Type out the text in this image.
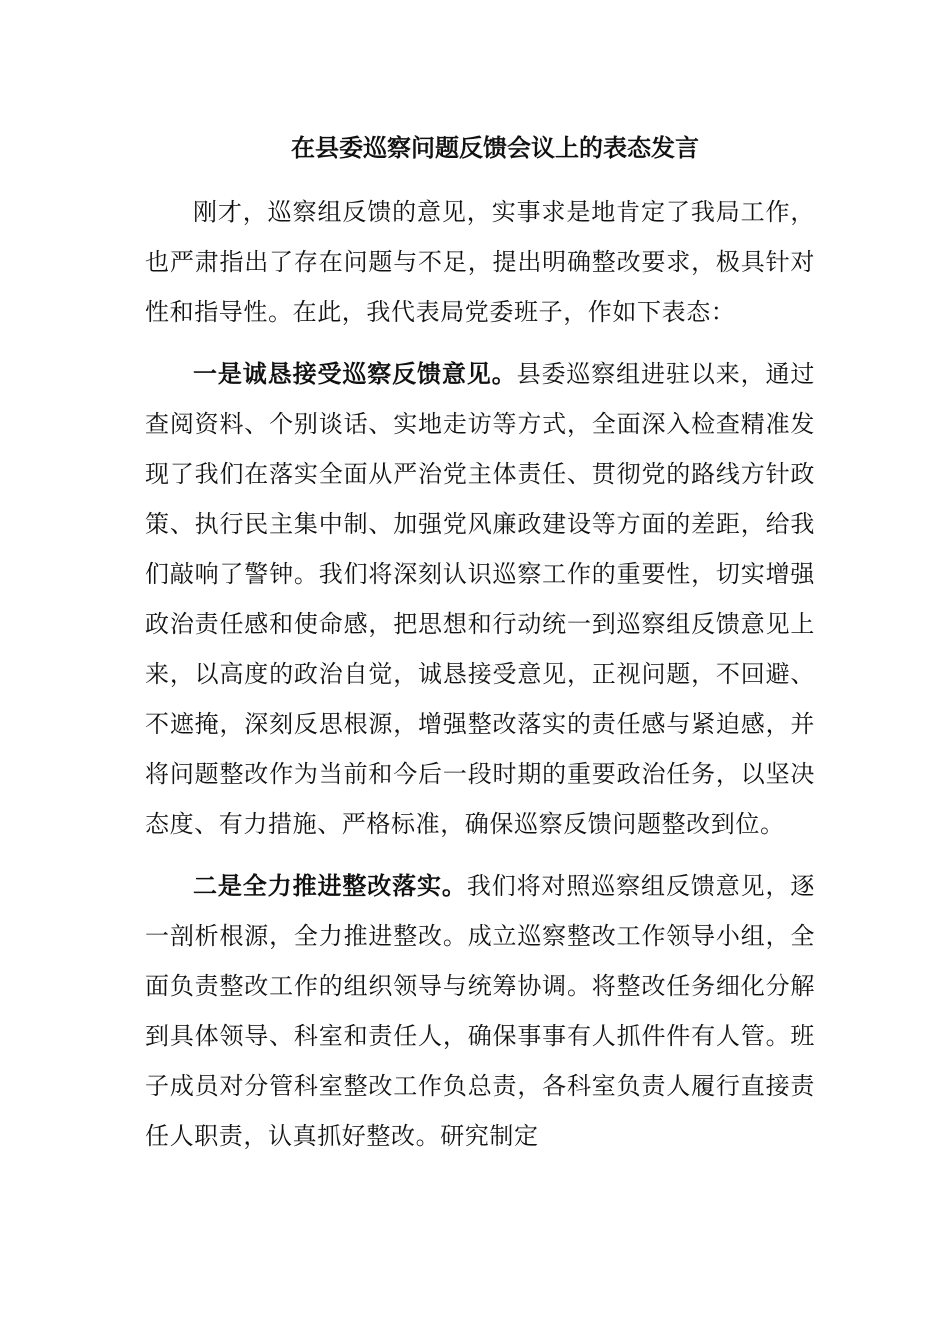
在县委巡察问题反馈会议上的表态发言

刚才，巡察组反馈的意见，实事求是地肯定了我局工作，也严肃指出了存在问题与不足，提出明确整改要求，极具针对性和指导性。在此，我代表局党委班子，作如下表态：

一是诚恳接受巡察反馈意见。县委巡察组进驻以来，通过查阅资料、个别谈话、实地走访等方式，全面深入检查精准发现了我们在落实全面从严治党主体责任、贯彻党的路线方针政策、执行民主集中制、加强党风廉政建设等方面的差距，给我们敲响了警钟。我们将深刻认识巡察工作的重要性，切实增强政治责任感和使命感，把思想和行动统一到巡察组反馈意见上来，以高度的政治自觉，诚恳接受意见，正视问题，不回避、不遮掩，深刻反思根源，增强整改落实的责任感与紧迫感，并将问题整改作为当前和今后一段时期的重要政治任务，以坚决态度、有力措施、严格标准，确保巡察反馈问题整改到位。

二是全力推进整改落实。我们将对照巡察组反馈意见，逐一剖析根源，全力推进整改。成立巡察整改工作领导小组，全面负责整改工作的组织领导与统筹协调。将整改任务细化分解到具体领导、科室和责任人，确保事事有人抓件件有人管。班子成员对分管科室整改工作负总责，各科室负责人履行直接责任人职责，认真抓好整改。研究制定
